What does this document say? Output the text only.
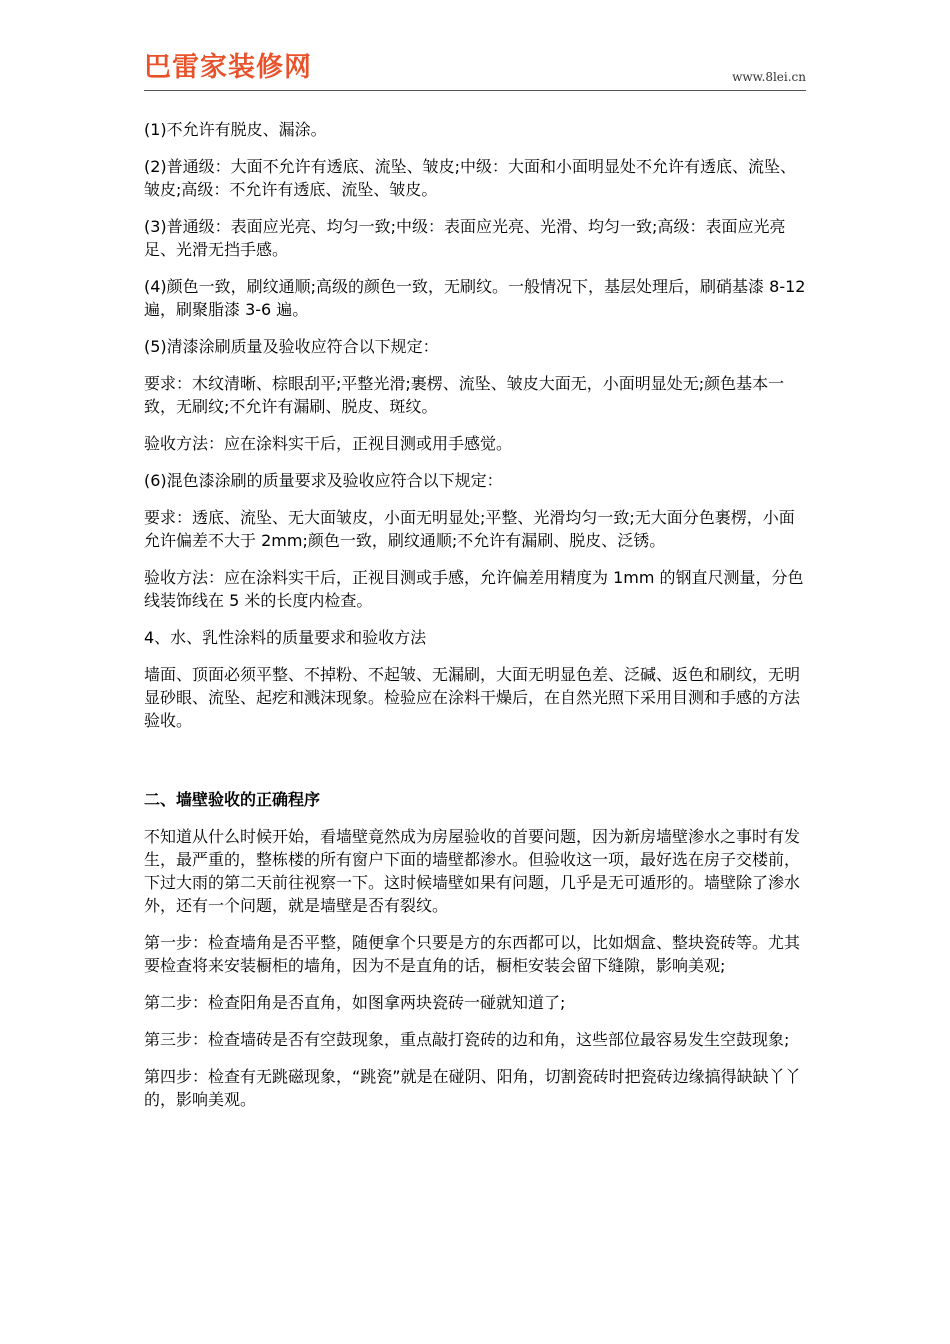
巴雷家装修网	www.8lei.cn

(1)不允许有脱皮、漏涂。

(2)普通级：大面不允许有透底、流坠、皱皮;中级：大面和小面明显处不允许有透底、流坠、皱皮;高级：不允许有透底、流坠、皱皮。

(3)普通级：表面应光亮、均匀一致;中级：表面应光亮、光滑、均匀一致;高级：表面应光亮足、光滑无挡手感。

(4)颜色一致，刷纹通顺;高级的颜色一致，无刷纹。一般情况下，基层处理后，刷硝基漆 8-12 遍，刷聚脂漆 3-6 遍。

(5)清漆涂刷质量及验收应符合以下规定：

要求：木纹清晰、棕眼刮平;平整光滑;裹楞、流坠、皱皮大面无，小面明显处无;颜色基本一致，无刷纹;不允许有漏刷、脱皮、斑纹。

验收方法：应在涂料实干后，正视目测或用手感觉。

(6)混色漆涂刷的质量要求及验收应符合以下规定：

要求：透底、流坠、无大面皱皮，小面无明显处;平整、光滑均匀一致;无大面分色裹楞，小面允许偏差不大于 2mm;颜色一致，刷纹通顺;不允许有漏刷、脱皮、泛锈。

验收方法：应在涂料实干后，正视目测或手感，允许偏差用精度为 1mm 的钢直尺测量，分色线装饰线在 5 米的长度内检查。

4、水、乳性涂料的质量要求和验收方法

墙面、顶面必须平整、不掉粉、不起皱、无漏刷，大面无明显色差、泛碱、返色和刷纹，无明显砂眼、流坠、起疙和溅沫现象。检验应在涂料干燥后，在自然光照下采用目测和手感的方法验收。

二、墙壁验收的正确程序

不知道从什么时候开始，看墙壁竟然成为房屋验收的首要问题，因为新房墙壁渗水之事时有发生，最严重的，整栋楼的所有窗户下面的墙壁都渗水。但验收这一项，最好选在房子交楼前，下过大雨的第二天前往视察一下。这时候墙壁如果有问题，几乎是无可遁形的。墙壁除了渗水外，还有一个问题，就是墙壁是否有裂纹。

第一步：检查墙角是否平整，随便拿个只要是方的东西都可以，比如烟盒、整块瓷砖等。尤其要检查将来安装橱柜的墙角，因为不是直角的话，橱柜安装会留下缝隙，影响美观;

第二步：检查阳角是否直角，如图拿两块瓷砖一碰就知道了;

第三步：检查墙砖是否有空鼓现象，重点敲打瓷砖的边和角，这些部位最容易发生空鼓现象;

第四步：检查有无跳磁现象，“跳瓷”就是在碰阴、阳角，切割瓷砖时把瓷砖边缘搞得缺缺丫丫的，影响美观。
